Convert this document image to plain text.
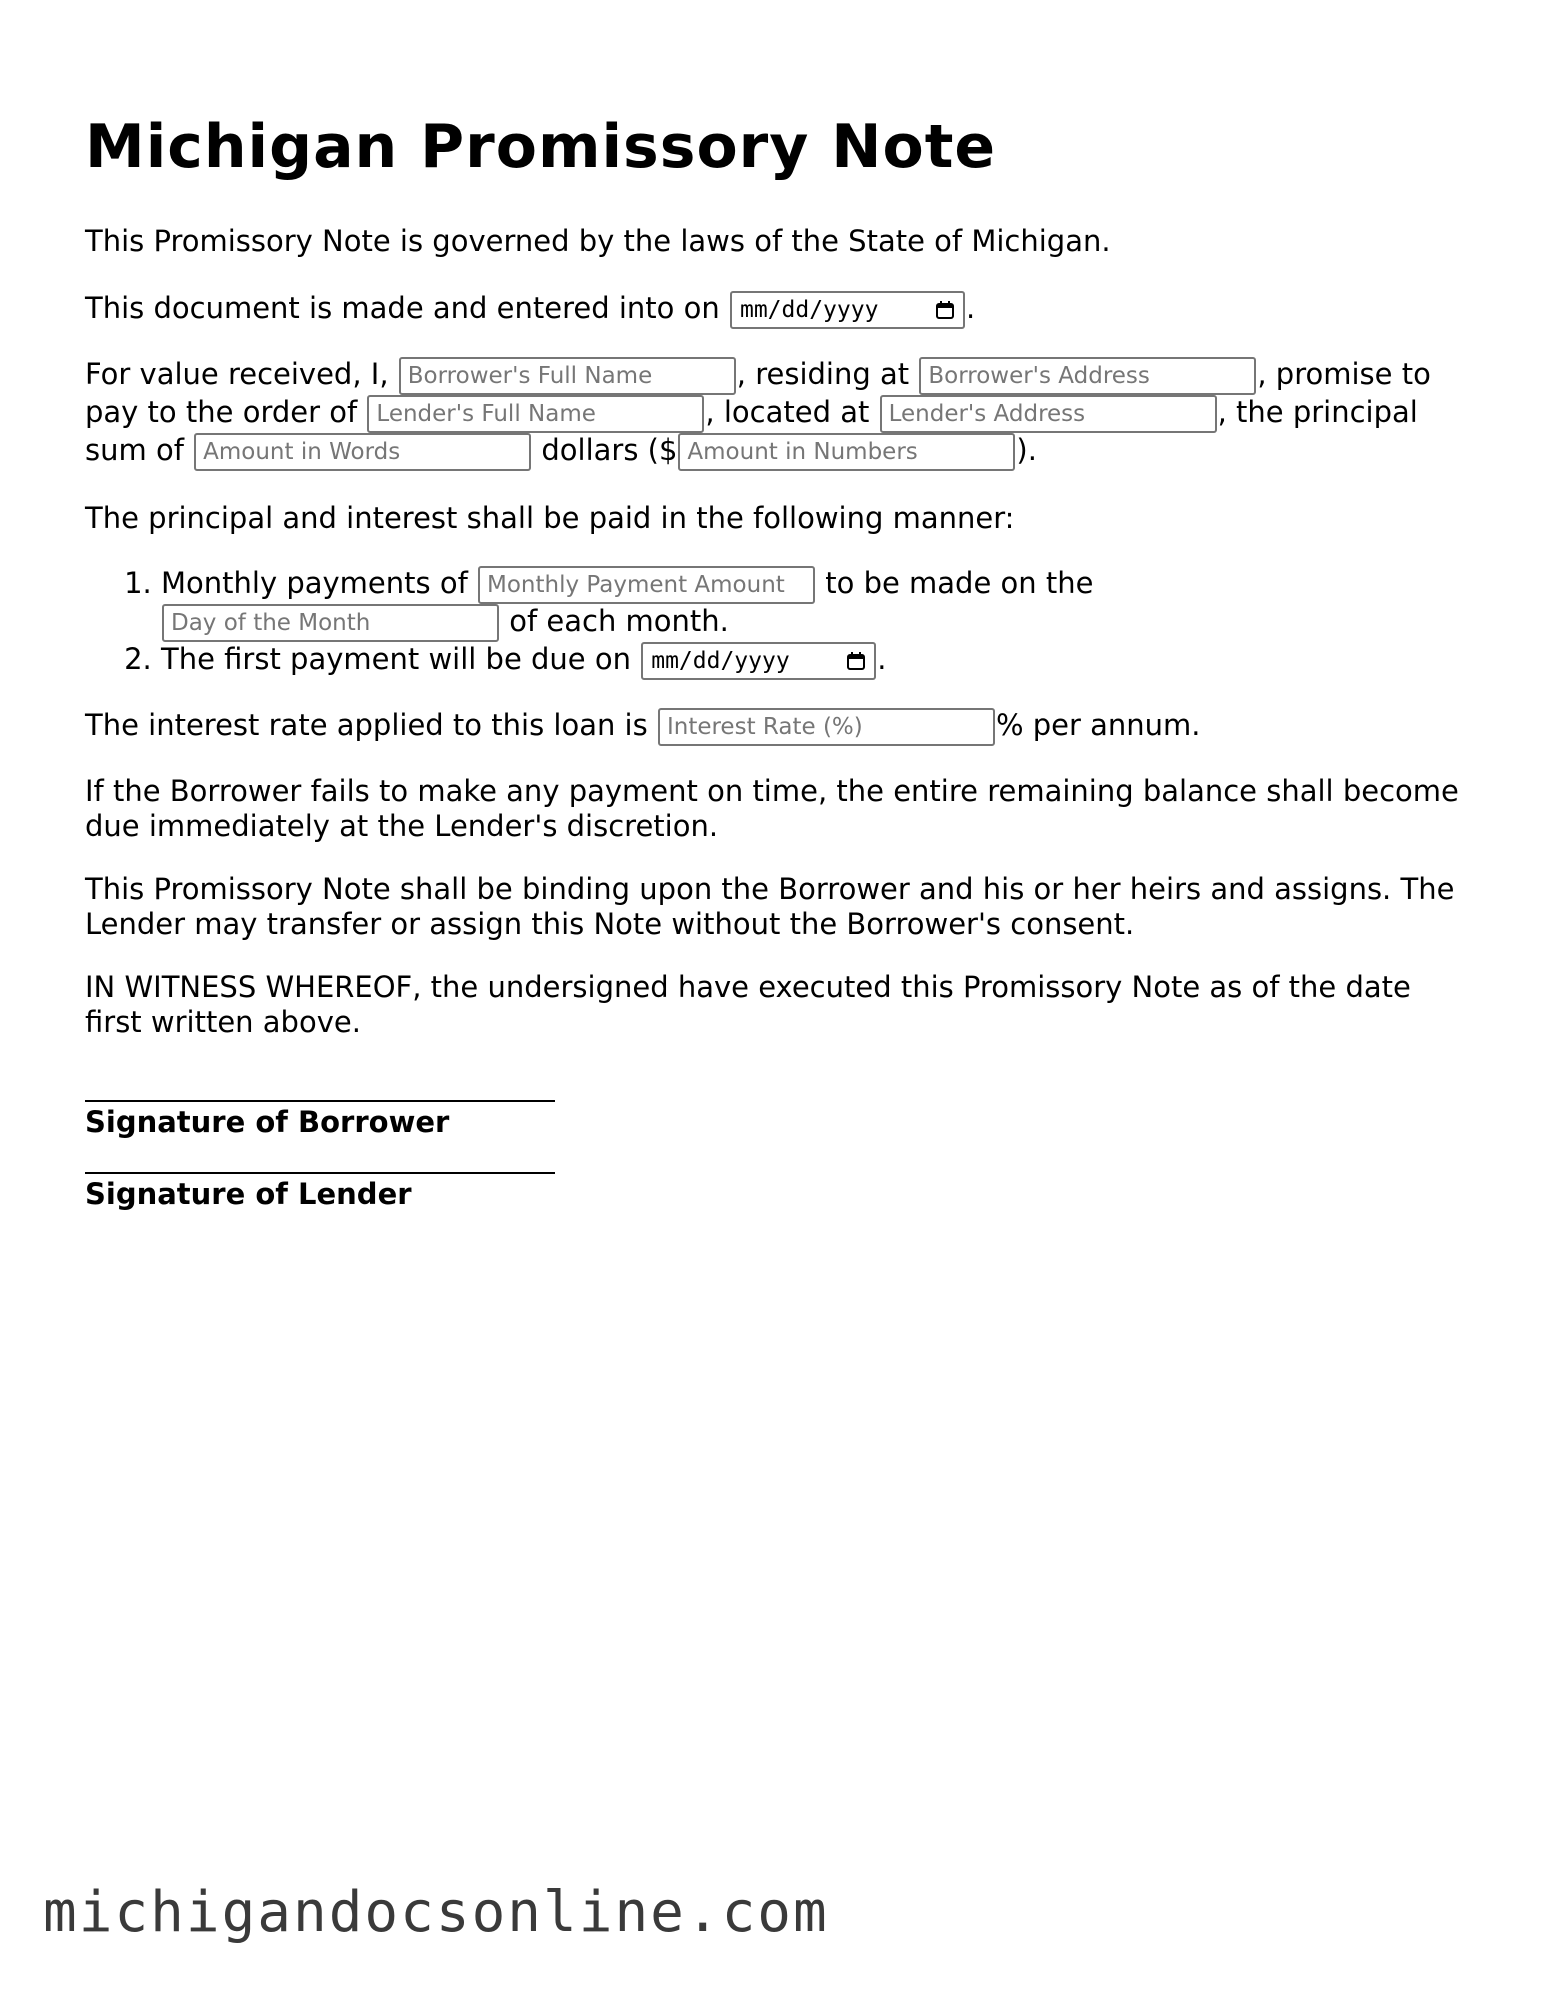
Michigan Promissory Note

This Promissory Note is governed by the laws of the State of Michigan.

This document is made and entered into on mm/dd/yyyy	.

For value received, I, Borrower's Full Name	, residing at Borrower's Address	, promise to pay to the order of Lender's Full Name	, located at Lender's Address	, the principal sum of Amount in Words	dollars ($Amount in Numbers	).

The principal and interest shall be paid in the following manner:

1. Monthly payments of Monthly Payment Amount	to be made on the
Day of the Month of each month.
2. The first payment will be due on mm/dd/yyyy	.

The interest rate applied to this loan is Interest Rate (%)	% per annum.

If the Borrower fails to make any payment on time, the entire remaining balance shall become due immediately at the Lender's discretion.

This Promissory Note shall be binding upon the Borrower and his or her heirs and assigns. The Lender may transfer or assign this Note without the Borrower's consent.

IN WITNESS WHEREOF, the undersigned have executed this Promissory Note as of the date first written above.

Signature of Borrower
Signature of Lender
michigandocsonline.com
